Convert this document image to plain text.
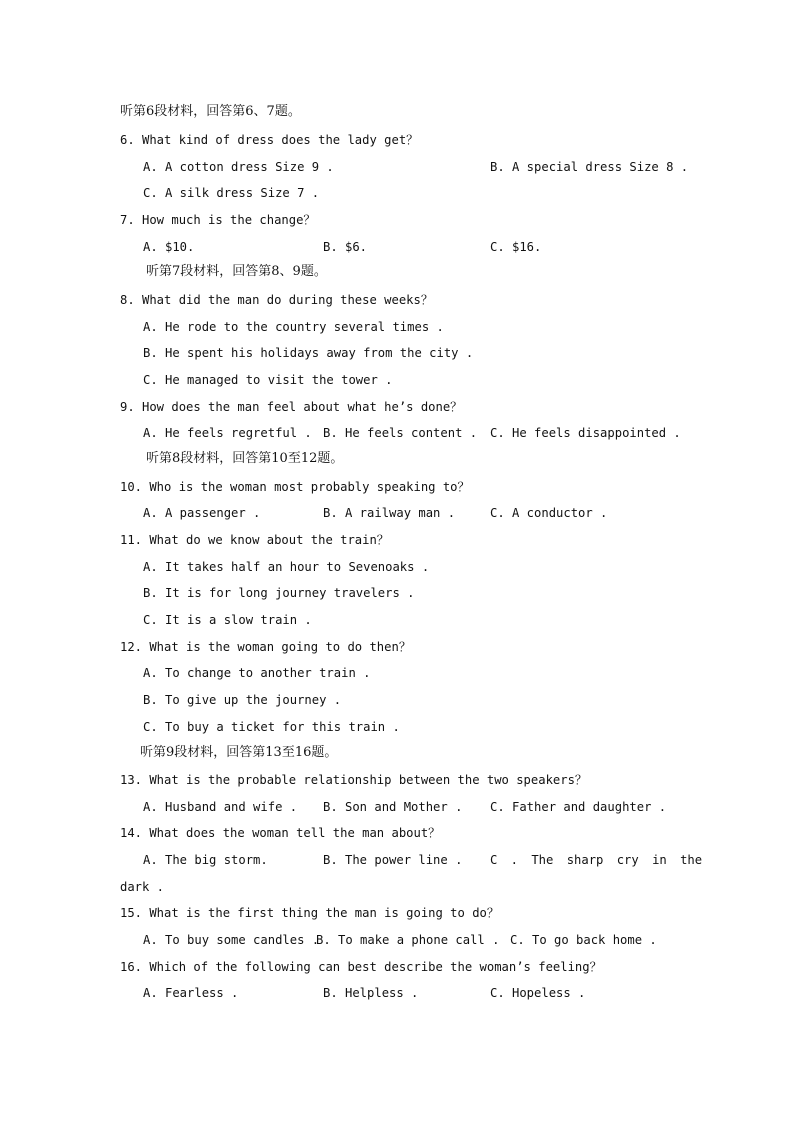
听第6段材料，回答第6、7题。
6. What kind of dress does the lady get？
A. A cotton dress Size 9 .	B. A special dress Size 8 .
C. A silk dress Size 7 .
7. How much is the change？
A. $10.	B. $6.	C. $16.
听第7段材料，回答第8、9题。
8. What did the man do during these weeks？
A. He rode to the country several times .
B. He spent his holidays away from the city .
C. He managed to visit the tower .
9. How does the man feel about what he’s done？
A. He feels regretful . B. He feels content . C. He feels disappointed .
听第8段材料，回答第10至12题。
10. Who is the woman most probably speaking to？
A. A passenger .	B. A railway man .	C. A conductor .
11. What do we know about the train？
A. It takes half an hour to Sevenoaks .
B. It is for long journey travelers .
C. It is a slow train .
12. What is the woman going to do then？
A. To change to another train .
B. To give up the journey .
C. To buy a ticket for this train .
听第9段材料，回答第13至16题。
13. What is the probable relationship between the two speakers？
A. Husband and wife . B. Son and Mother . C. Father and daughter .
14. What does the woman tell the man about？
A. The big storm.	B. The power line . C . The sharp cry in the
dark .
15. What is the first thing the man is going to do？
A. To buy some candles .
B. To make a phone call . C. To go back home .
16. Which of the following can best describe the woman’s feeling？
A. Fearless .	B. Helpless .	C. Hopeless .
